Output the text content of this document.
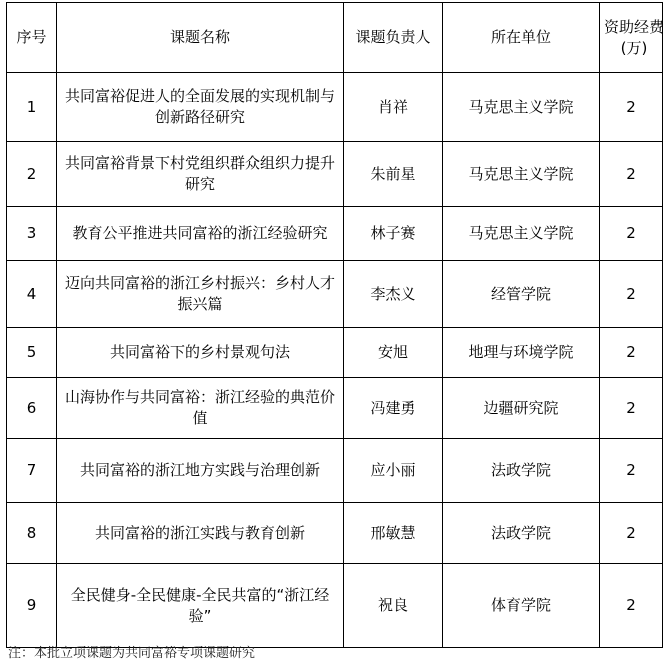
序号	课题名称	课题负责人	所在单位	资助经费(万)

1	共同富裕促进人的全面发展的实现机制与创新路径研究	肖祥	马克思主义学院	2
2	共同富裕背景下村党组织群众组织力提升研究	朱前星	马克思主义学院	2
3	教育公平推进共同富裕的浙江经验研究	林子赛	马克思主义学院	2
4	迈向共同富裕的浙江乡村振兴：乡村人才振兴篇	李杰义	经管学院	2
5	共同富裕下的乡村景观句法	安旭	地理与环境学院	2
6	山海协作与共同富裕：浙江经验的典范价值	冯建勇	边疆研究院	2
7	共同富裕的浙江地方实践与治理创新	应小丽	法政学院	2
8	共同富裕的浙江实践与教育创新	邢敏慧	法政学院	2
9	全民健身-全民健康-全民共富的“浙江经验”	祝良	体育学院	2
注：本批立项课题为共同富裕专项课题研究
